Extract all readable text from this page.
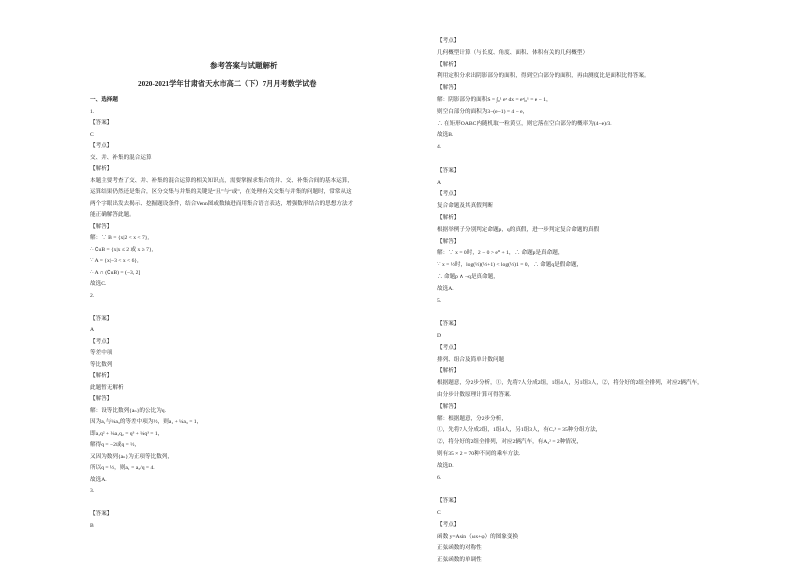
参考答案与试题解析
2020-2021学年甘肃省天水市高二（下）7月月考数学试卷
一、选择题
1.
【答案】
C
【考点】
交、并、补集的混合运算
【解析】
本题主要考查了交、并、补集的混合运算的相关知识点，需要掌握求集合的并、交、补集合间的基本运算，
运算结果仍然还是集合，区分交集与并集的关键是“且”与“或”，在处理有关交集与并集的问题时，常常从这
两个字眼出发去揭示、挖掘题设条件，结合Venn图或数轴进而用集合语言表达，增强数形结合的思想方法才
能正确解答此题。
【解答】
解：∵ B = {x|2 < x < 7},
∴ ∁uB = {x|x ≤ 2 或 x ≥ 7},
∵ A = {x|−3 < x < 6},
∴ A ∩ (∁uB) = (−3, 2]
故选C.
2.
【答案】
A
【考点】
等差中项
等比数列
【解析】
此题暂无解析
【解答】
解：设等比数列{aₙ}的公比为q.
因为a₁与¼a₃的等差中项为½，则a₁ + ¼a₃ = 1，
即a₁q² + ¼a₁q₂ = q³ + ¼q³ = 1，
解得q = −2或q = ½，
又因为数列{aₙ}为正项等比数列，
所以q = ½，则a₁ = a₃/q = 4.
故选A.
3.
【答案】
B
【考点】
几何概型计算（与长度、角度、面积、体积有关的几何概型）
【解析】
利用定积分求出阴影部分的面积，得到空白部分的面积，再由测度比是面积比得答案。
【解答】
解：阴影部分的面积S = ∫₀¹ eˣ dx = eˣ|₀¹ = e − 1，
则空白部分的面积为3−(e−1) = 4 − e，
∴ 在矩形OABC内随机取一粒黄豆，则它落在空白部分的概率为(4−e)/3.
故选B.
4.
【答案】
A
【考点】
复合命题及其真假判断
【解析】
根据举例子分别判定命题p，q的真假，进一步判定复合命题的真假
【解答】
解：∵ x = 0时，2 − 0 > e⁰ + 1，∴ 命题p是真命题，
∵ x = ½时，log(½)(½+1) < log(½)1 = 0，∴ 命题q是假命题，
∴ 命题p ∧ ¬q是真命题，
故选A.
5.
【答案】
D
【考点】
排列、组合及简单计数问题
【解析】
根据题意，分2步分析，①，先将7人分成2组，1组4人，另1组3人，②，将分好的2组全排列，对应2辆汽车，
由分步计数原理计算可得答案.
【解答】
解：根据题意，分2步分析，
①，先将7人分成2组，1组4人，另1组3人，有C₇³ = 35种分组方法，
②，将分好的2组全排列，对应2辆汽车，有A₂² = 2种情况，
则有35 × 2 = 70种不同的乘车方法.
故选D.
6.
【答案】
C
【考点】
函数 y=Asin（ωx+φ）的图象变换
正弦函数的对称性
正弦函数的单调性
